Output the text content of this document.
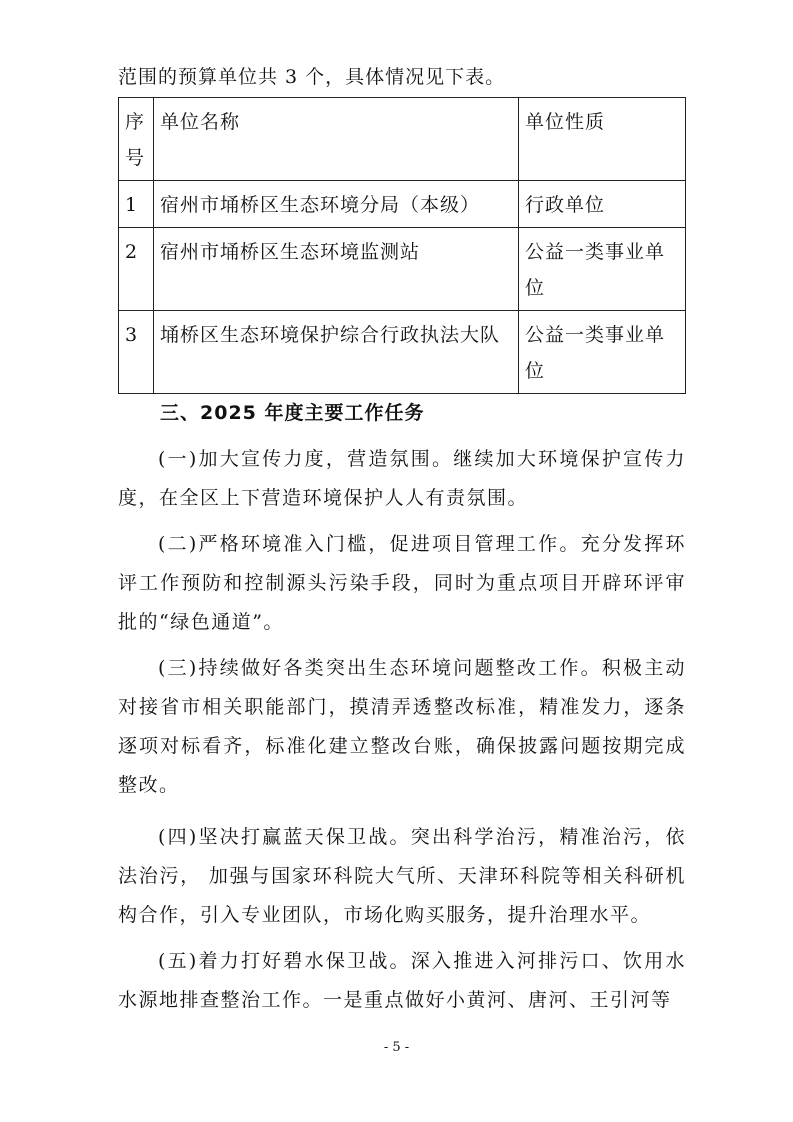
范围的预算单位共 3 个，具体情况见下表。
序号	单位名称	单位性质
1	宿州市埇桥区生态环境分局（本级）	行政单位
2	宿州市埇桥区生态环境监测站	公益一类事业单位
3	埇桥区生态环境保护综合行政执法大队	公益一类事业单位
三、2025 年度主要工作任务

(一)加大宣传力度，营造氛围。继续加大环境保护宣传力度，在全区上下营造环境保护人人有责氛围。

(二)严格环境准入门槛，促进项目管理工作。充分发挥环评工作预防和控制源头污染手段，同时为重点项目开辟环评审批的“绿色通道”。

(三)持续做好各类突出生态环境问题整改工作。积极主动对接省市相关职能部门，摸清弄透整改标准，精准发力，逐条逐项对标看齐，标准化建立整改台账，确保披露问题按期完成整改。

(四)坚决打赢蓝天保卫战。突出科学治污，精准治污，依法治污， 加强与国家环科院大气所、天津环科院等相关科研机构合作，引入专业团队，市场化购买服务，提升治理水平。

(五)着力打好碧水保卫战。深入推进入河排污口、饮用水水源地排查整治工作。一是重点做好小黄河、唐河、王引河等

- 5 -
